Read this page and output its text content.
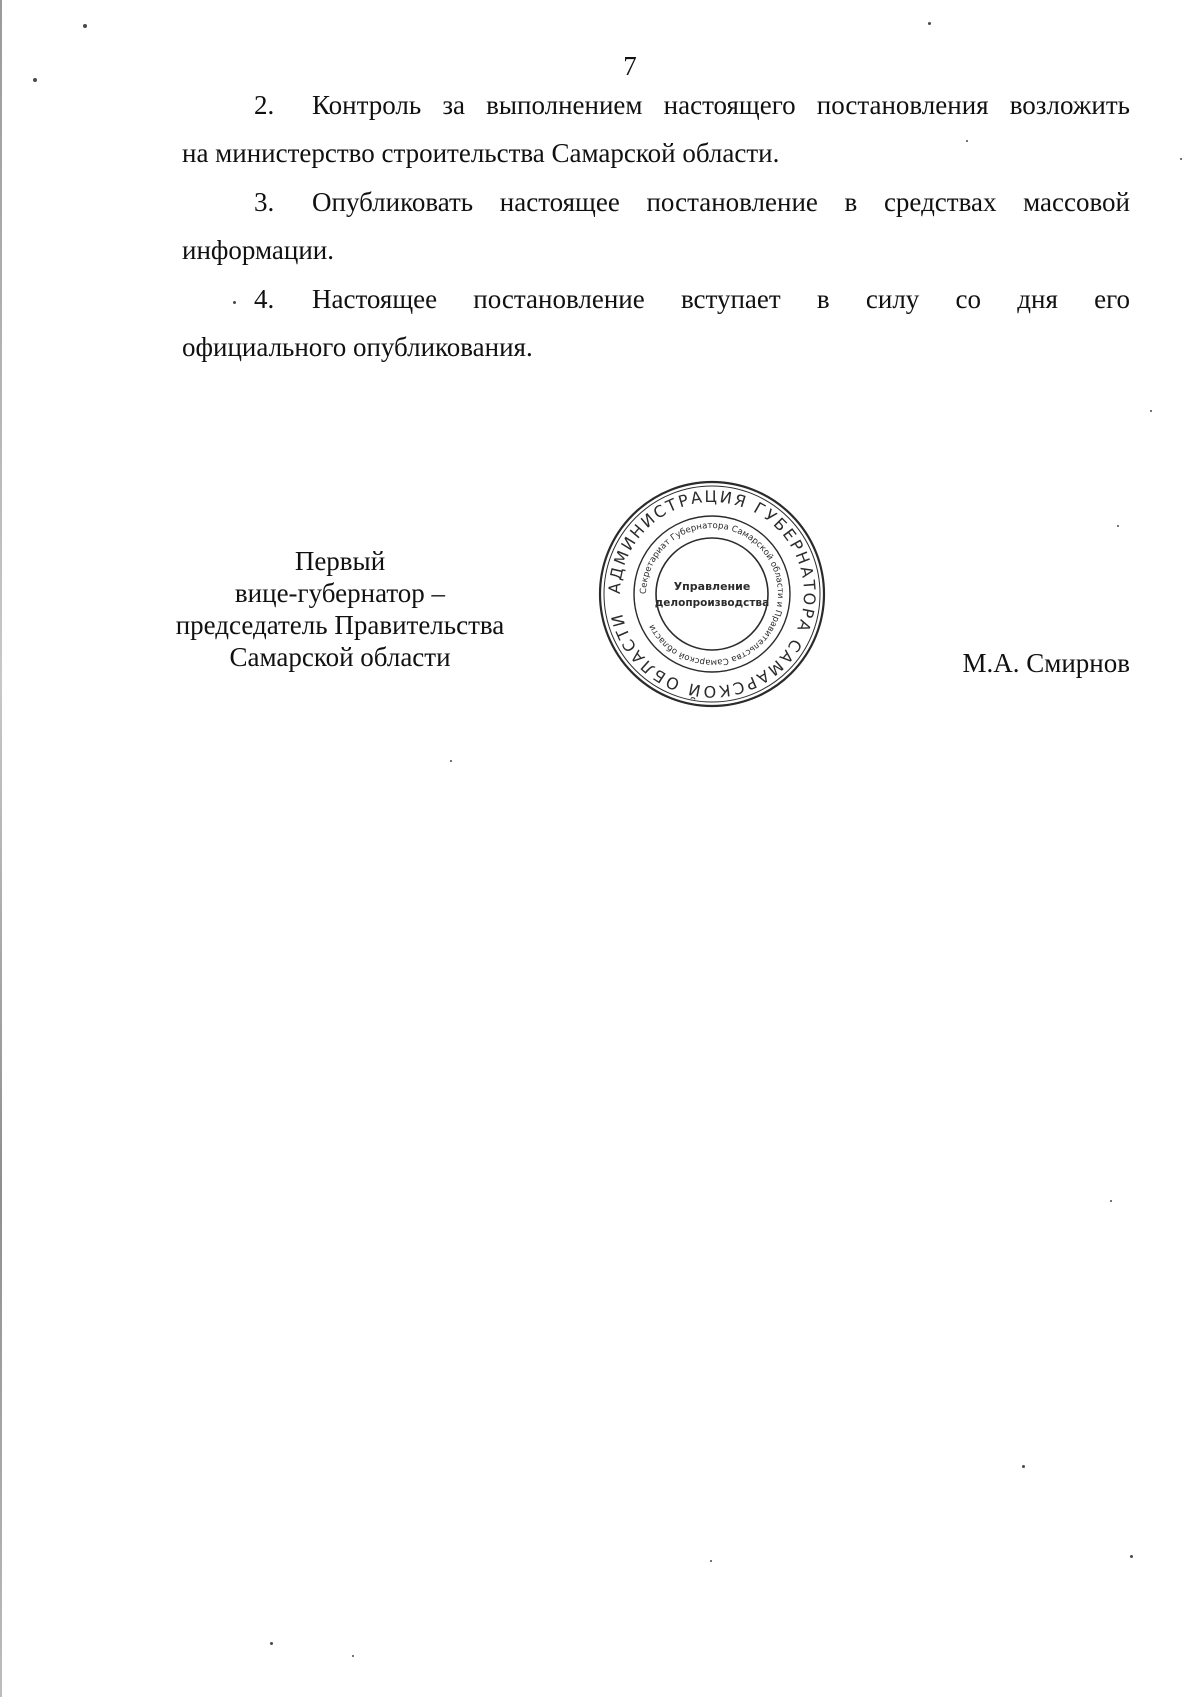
7
2. Контроль за выполнением настоящего постановления возложить
на министерство строительства Самарской области.
3. Опубликовать настоящее постановление в средствах массовой
информации.
4. Настоящее постановление вступает в силу со дня его
официального опубликования.
Первый
вице-губернатор –
председатель Правительства
Самарской области	М.А. Смирнов
АДМИНИСТРАЦИЯ ГУБЕРНАТОРА САМАРСКОЙ ОБЛАСТИ
Секретариат Губернатора Самарской области и Правительства Самарской области
Управление
делопроизводства
